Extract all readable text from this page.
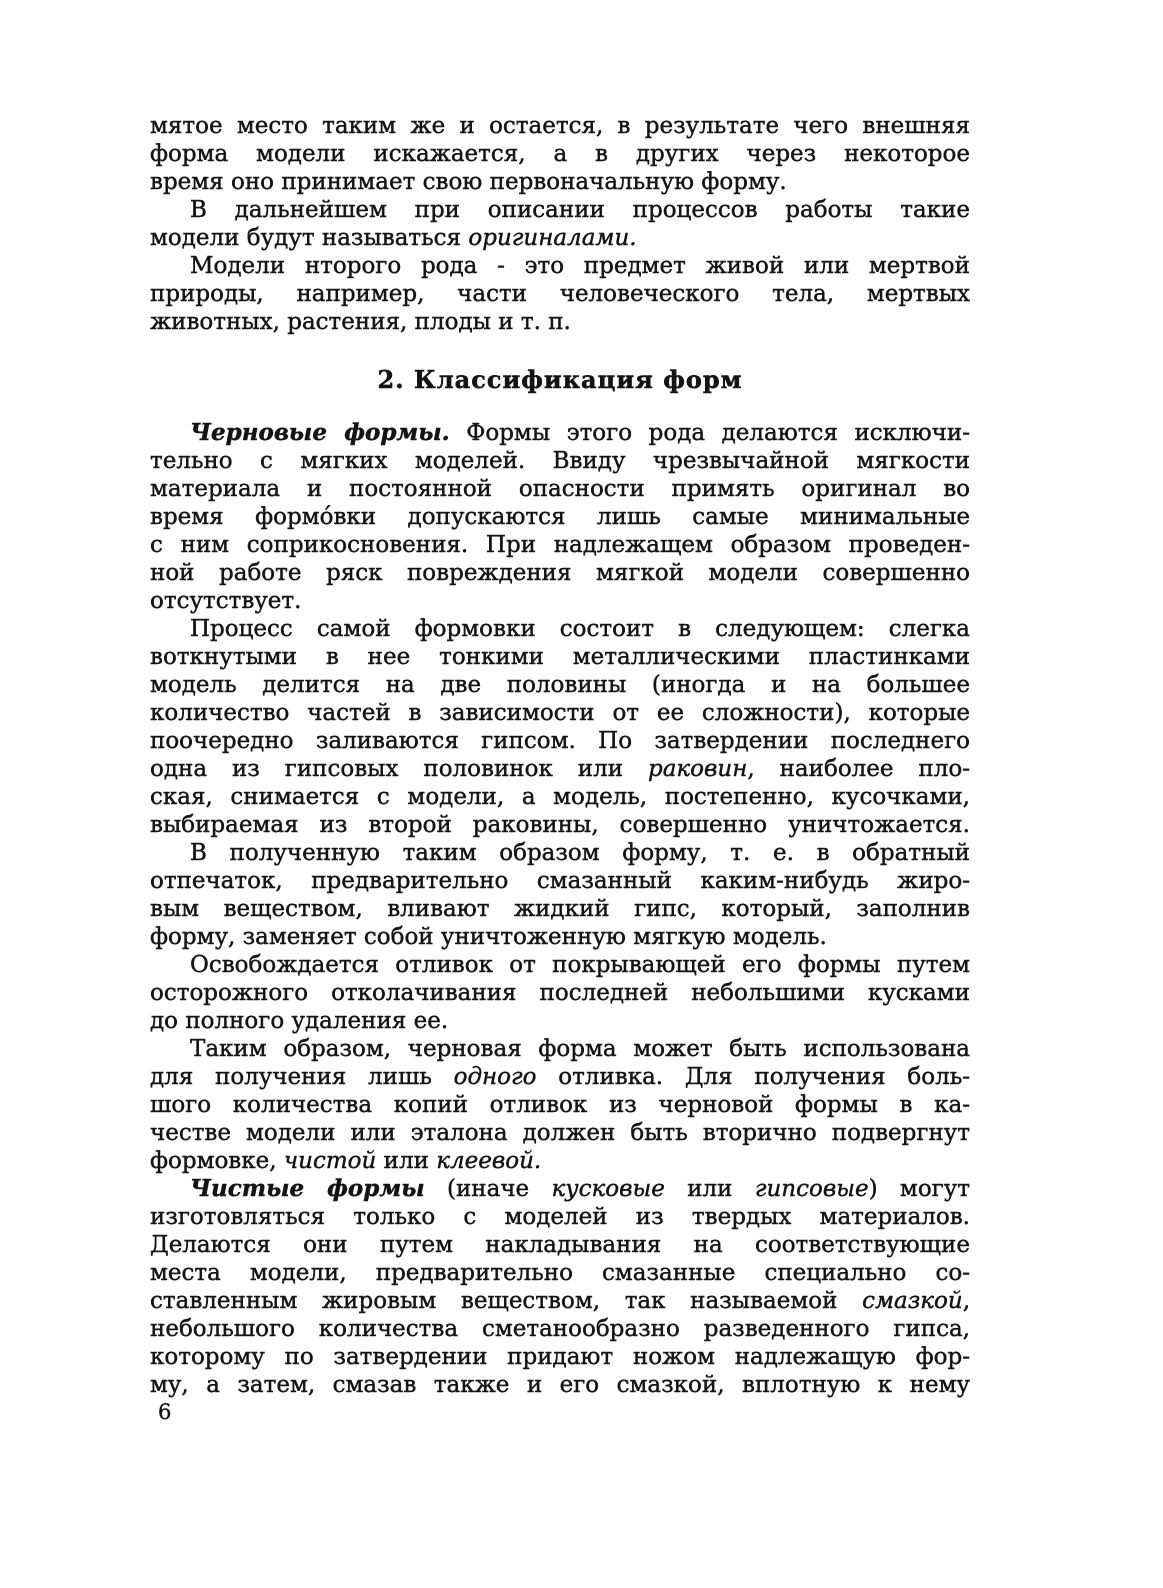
мятое место таким же и остается, в результате чего внешняя
форма модели искажается, а в других через некоторое
время оно принимает свою первоначальную форму.
В дальнейшем при описании процессов работы такие
модели будут называться оригиналами.
Модели нторого рода - это предмет живой или мертвой
природы, например, части человеческого тела, мертвых
животных, растения, плоды и т. п.
2. Классификация форм
Черновые формы. Формы этого рода делаются исключи-
тельно с мягких моделей. Ввиду чрезвычайной мягкости
материала и постоянной опасности примять оригинал во
время формо́вки допускаются лишь самые минимальные
с ним соприкосновения. При надлежащем образом проведен-
ной работе ряск повреждения мягкой модели совершенно
отсутствует.
Процесс самой формовки состоит в следующем: слегка
воткнутыми в нее тонкими металлическими пластинками
модель делится на две половины (иногда и на большее
количество частей в зависимости от ее сложности), которые
поочередно заливаются гипсом. По затвердении последнего
одна из гипсовых половинок или раковин, наиболее пло-
ская, снимается с модели, а модель, постепенно, кусочками,
выбираемая из второй раковины, совершенно уничтожается.
В полученную таким образом форму, т. е. в обратный
отпечаток, предварительно смазанный каким-нибудь жиро-
вым веществом, вливают жидкий гипс, который, заполнив
форму, заменяет собой уничтоженную мягкую модель.
Освобождается отливок от покрывающей его формы путем
осторожного отколачивания последней небольшими кусками
до полного удаления ее.
Таким образом, черновая форма может быть использована
для получения лишь одного отливка. Для получения боль-
шого количества копий отливок из черновой формы в ка-
честве модели или эталона должен быть вторично подвергнут
формовке, чистой или клеевой.
Чистые формы (иначе кусковые или гипсовые) могут
изготовляться только с моделей из твердых материалов.
Делаются они путем накладывания на соответствующие
места модели, предварительно смазанные специально со-
ставленным жировым веществом, так называемой смазкой,
небольшого количества сметанообразно разведенного гипса,
которому по затвердении придают ножом надлежащую фор-
му, а затем, смазав также и его смазкой, вплотную к нему
6
